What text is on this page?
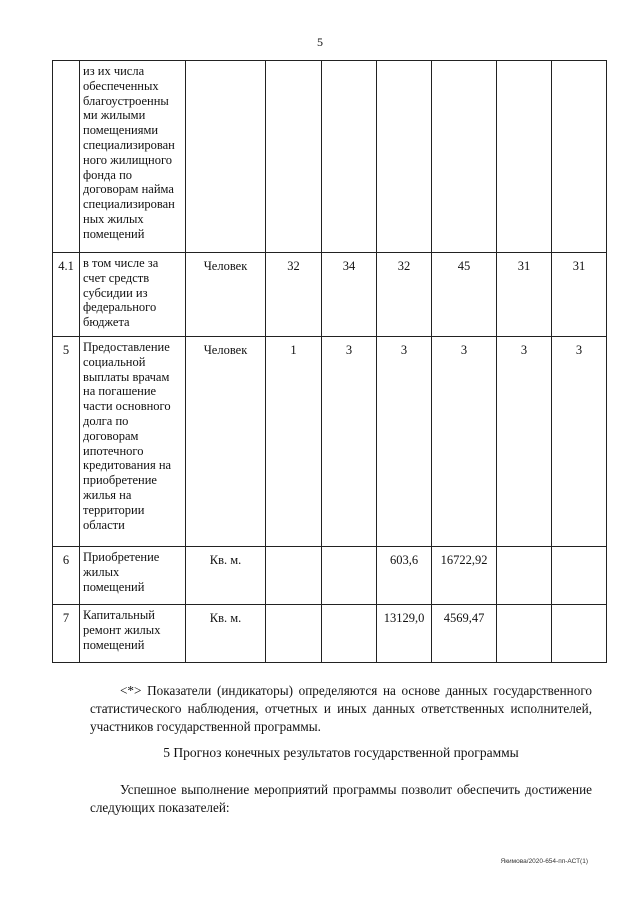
5
	из их числа обеспеченных благоустроенны ми жилыми помещениями специализирован ного жилищного фонда по договорам найма специализирован ных жилых помещений							
4.1	в том числе за счет средств субсидии из федерального бюджета	Человек	32	34	32	45	31	31
5	Предоставление социальной выплаты врачам на погашение части основного долга по договорам ипотечного кредитования на приобретение жилья на территории области	Человек	1	3	3	3	3	3
6	Приобретение жилых помещений	Кв. м.			603,6	16722,92		
7	Капитальный ремонт жилых помещений	Кв. м.			13129,0	4569,47		
<*> Показатели (индикаторы) определяются на основе данных государственного статистического наблюдения, отчетных и иных данных ответственных исполнителей, участников государственной программы.
5 Прогноз конечных результатов государственной программы
Успешное выполнение мероприятий программы позволит обеспечить достижение следующих показателей:
Якимова/2020-654-пп-АСТ(1)
